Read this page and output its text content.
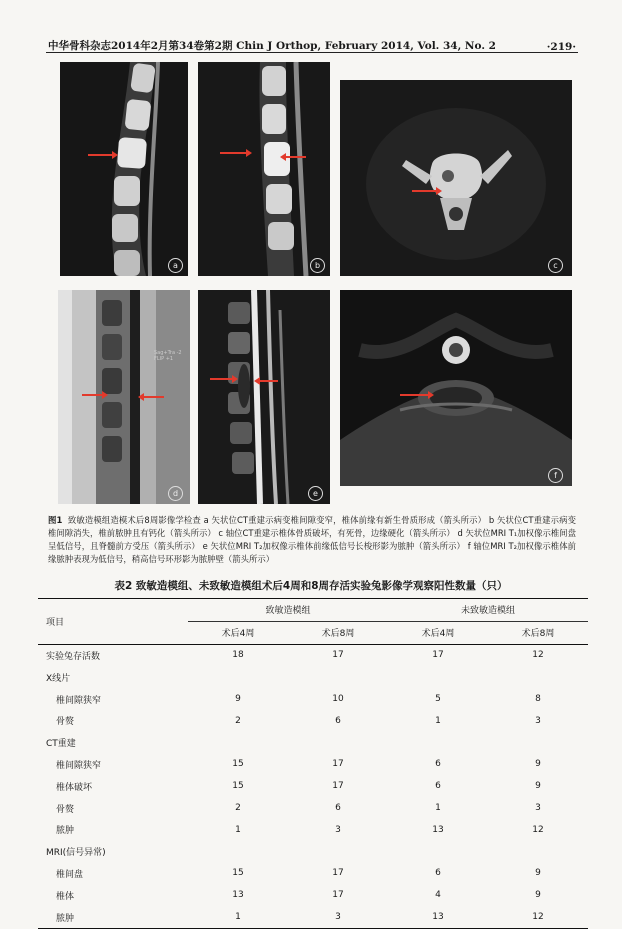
中华骨科杂志2014年2月第34卷第2期 Chin J Orthop, February 2014, Vol. 34, No. 2	·219·
a	b	c
Sag+Tra -2 FLIP +1
d	e
f
图1 致敏造模组造模术后8周影像学检查 a 矢状位CT重建示病变椎间隙变窄，椎体前缘有新生骨质形成（箭头所示） b 矢状位CT重建示病变椎间隙消失，椎前脓肿且有钙化（箭头所示） c 轴位CT重建示椎体骨质破坏，有死骨，边缘硬化（箭头所示） d 矢状位MRI T₁加权像示椎间盘呈低信号，且脊髓前方受压（箭头所示） e 矢状位MRI T₂加权像示椎体前缘低信号长梭形影为脓肿（箭头所示） f 轴位MRI T₂加权像示椎体前缘脓肿表现为低信号，稍高信号环形影为脓肿壁（箭头所示）
表2 致敏造模组、未致敏造模组术后4周和8周存活实验兔影像学观察阳性数量（只）
项目	致敏造模组		未致敏造模组	
	术后4周	术后8周	术后4周	术后8周
实验兔存活数	18	17	17	12
X线片				
椎间隙狭窄	9	10	5	8
骨赘	2	6	1	3
CT重建				
椎间隙狭窄	15	17	6	9
椎体破坏	15	17	6	9
骨赘	2	6	1	3
脓肿	1	3	13	12
MRI(信号异常)				
椎间盘	15	17	6	9
椎体	13	17	4	9
脓肿	1	3	13	12
